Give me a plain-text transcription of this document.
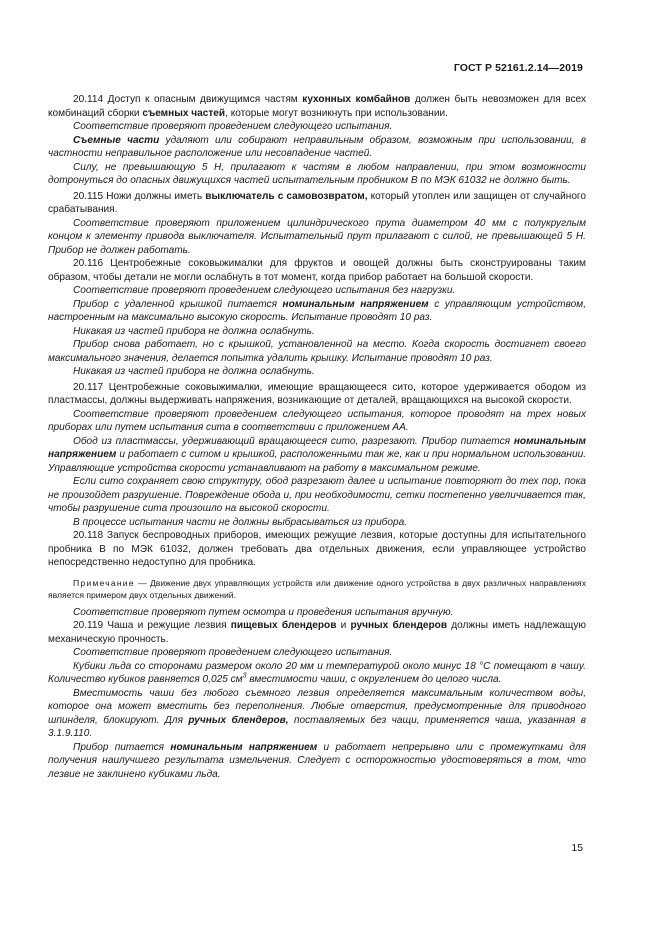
ГОСТ Р 52161.2.14—2019

20.114 Доступ к опасным движущимся частям кухонных комбайнов должен быть невозможен для всех комбинаций сборки съемных частей, которые могут возникнуть при использовании.

Соответствие проверяют проведением следующего испытания.

Съемные части удаляют или собирают неправильным образом, возможным при использовании, в частности неправильное расположение или несовпадение частей.

Силу, не превышающую 5 Н, прилагают к частям в любом направлении, при этом возможности дотронуться до опасных движущихся частей испытательным пробником В по МЭК 61032 не должно быть.

20.115 Ножи должны иметь выключатель с самовозвратом, который утоплен или защищен от случайного срабатывания.

Соответствие проверяют приложением цилиндрического прута диаметром 40 мм с полукруглым концом к элементу привода выключателя. Испытательный прут прилагают с силой, не превышающей 5 Н. Прибор не должен работать.

20.116 Центробежные соковыжималки для фруктов и овощей должны быть сконструированы таким образом, чтобы детали не могли ослабнуть в тот момент, когда прибор работает на большой скорости.

Соответствие проверяют проведением следующего испытания без нагрузки.

Прибор с удаленной крышкой питается номинальным напряжением с управляющим устройством, настроенным на максимально высокую скорость. Испытание проводят 10 раз.

Никакая из частей прибора не должна ослабнуть.

Прибор снова работает, но с крышкой, установленной на место. Когда скорость достигнет своего максимального значения, делается попытка удалить крышку. Испытание проводят 10 раз.

Никакая из частей прибора не должна ослабнуть.

20.117 Центробежные соковыжималки, имеющие вращающееся сито, которое удерживается ободом из пластмассы, должны выдерживать напряжения, возникающие от деталей, вращающихся на высокой скорости.

Соответствие проверяют проведением следующего испытания, которое проводят на трех новых приборах или путем испытания сита в соответствии с приложением АА.

Обод из пластмассы, удерживающий вращающееся сито, разрезают. Прибор питается номинальным напряжением и работает с ситом и крышкой, расположенными так же, как и при нормальном использовании. Управляющие устройства скорости устанавливают на работу в максимальном режиме.

Если сито сохраняет свою структуру, обод разрезают далее и испытание повторяют до тех пор, пока не произойдет разрушение. Повреждение обода и, при необходимости, сетки постепенно увеличивается так, чтобы разрушение сита произошло на высокой скорости.

В процессе испытания части не должны выбрасываться из прибора.

20.118 Запуск беспроводных приборов, имеющих режущие лезвия, которые доступны для испытательного пробника В по МЭК 61032, должен требовать два отдельных движения, если управляющее устройство непосредственно недоступно для пробника.

Примечание — Движение двух управляющих устройств или движение одного устройства в двух различных направлениях является примером двух отдельных движений.

Соответствие проверяют путем осмотра и проведения испытания вручную.

20.119 Чаша и режущие лезвия пищевых блендеров и ручных блендеров должны иметь надлежащую механическую прочность.

Соответствие проверяют проведением следующего испытания.

Кубики льда со сторонами размером около 20 мм и температурой около минус 18 °С помещают в чашу. Количество кубиков равняется 0,025 $см^3$ вместимости чаши, с округлением до целого числа.

Вместимость чаши без любого съемного лезвия определяется максимальным количеством воды, которое она может вместить без переполнения. Любые отверстия, предусмотренные для приводного шпинделя, блокируют. Для ручных блендеров, поставляемых без чащи, применяется чаша, указанная в 3.1.9.110.

Прибор питается номинальным напряжением и работает непрерывно или с промежутками для получения наилучшего результата измельчения. Следует с осторожностью удостоверяться в том, что лезвие не заклинено кубиками льда.

15
